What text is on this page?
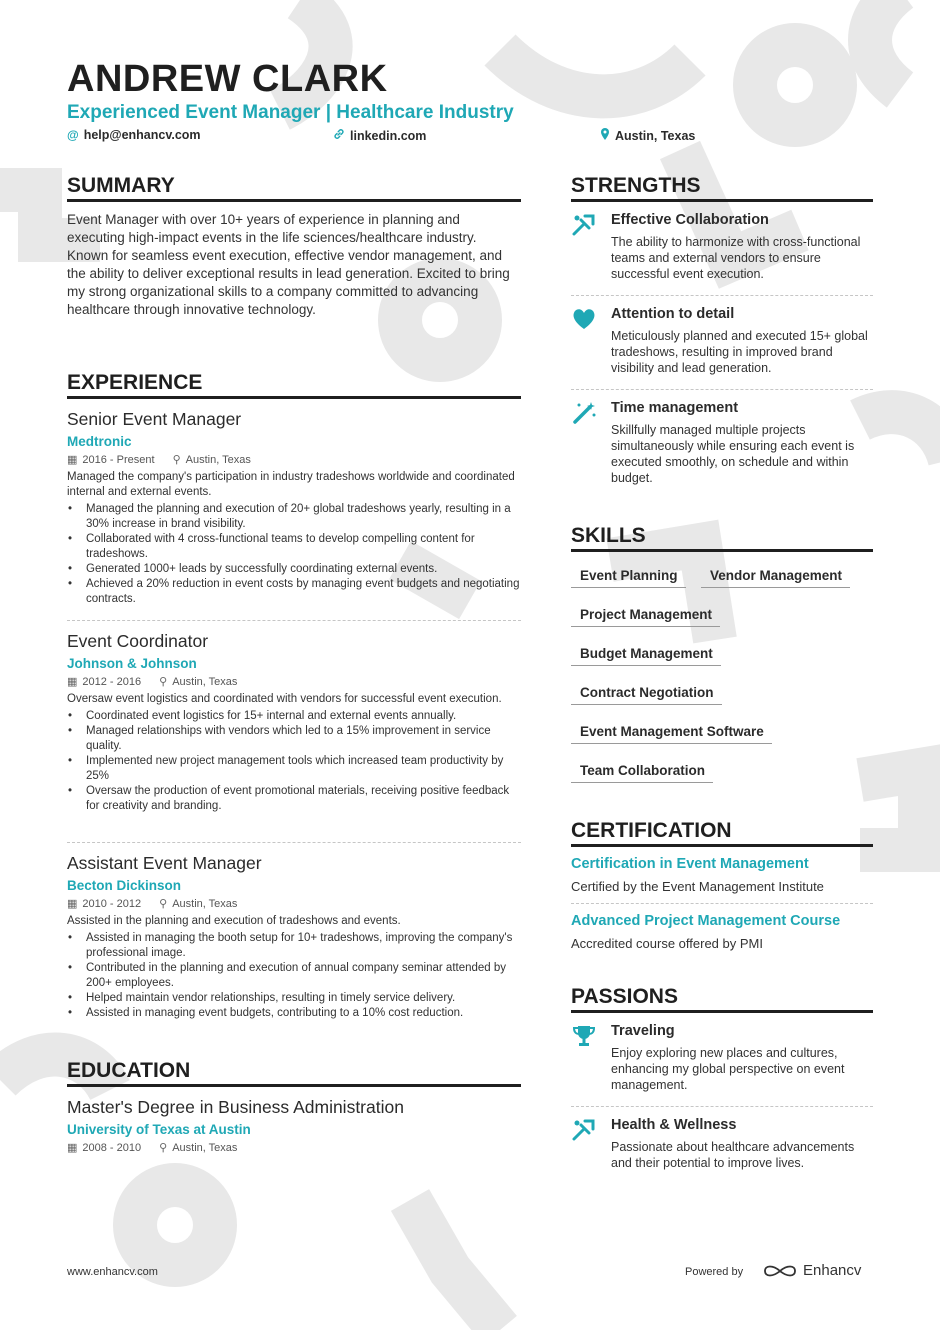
ANDREW CLARK
Experienced Event Manager | Healthcare Industry
@ help@enhancv.com	linkedin.com	Austin, Texas
SUMMARY

Event Manager with over 10+ years of experience in planning and executing high-impact events in the life sciences/healthcare industry. Known for seamless event execution, effective vendor management, and the ability to deliver exceptional results in lead generation. Excited to bring my strong organizational skills to a company committed to advancing healthcare through innovative technology.

EXPERIENCE
Senior Event Manager
Medtronic
▦ 2016 - Present ⚲ Austin, Texas

Managed the company's participation in industry tradeshows worldwide and coordinated internal and external events.

• Managed the planning and execution of 20+ global tradeshows yearly, resulting in a 30% increase in brand visibility.
• Collaborated with 4 cross-functional teams to develop compelling content for tradeshows.
• Generated 1000+ leads by successfully coordinating external events.
• Achieved a 20% reduction in event costs by managing event budgets and negotiating contracts.
Event Coordinator
Johnson & Johnson
▦ 2012 - 2016 ⚲ Austin, Texas

Oversaw event logistics and coordinated with vendors for successful event execution.

• Coordinated event logistics for 15+ internal and external events annually.
• Managed relationships with vendors which led to a 15% improvement in service quality.
• Implemented new project management tools which increased team productivity by 25%
• Oversaw the production of event promotional materials, receiving positive feedback for creativity and branding.
Assistant Event Manager
Becton Dickinson
▦ 2010 - 2012 ⚲ Austin, Texas

Assisted in the planning and execution of tradeshows and events.

• Assisted in managing the booth setup for 10+ tradeshows, improving the company's professional image.
• Contributed in the planning and execution of annual company seminar attended by 200+ employees.
• Helped maintain vendor relationships, resulting in timely service delivery.
• Assisted in managing event budgets, contributing to a 10% cost reduction.
EDUCATION
Master's Degree in Business Administration
University of Texas at Austin
▦ 2008 - 2010 ⚲ Austin, Texas
STRENGTHS
Effective Collaboration
The ability to harmonize with cross-functional teams and external vendors to ensure successful event execution.
Attention to detail
Meticulously planned and executed 15+ global tradeshows, resulting in improved brand visibility and lead generation.
Time management
Skillfully managed multiple projects simultaneously while ensuring each event is executed smoothly, on schedule and within budget.
SKILLS
Event Planning	Vendor Management
Project Management
Budget Management
Contract Negotiation
Event Management Software
Team Collaboration
CERTIFICATION
Certification in Event Management
Certified by the Event Management Institute
Advanced Project Management Course
Accredited course offered by PMI
PASSIONS
Traveling
Enjoy exploring new places and cultures, enhancing my global perspective on event management.
Health & Wellness
Passionate about healthcare advancements and their potential to improve lives.
www.enhancv.com	Powered by	Enhancv
